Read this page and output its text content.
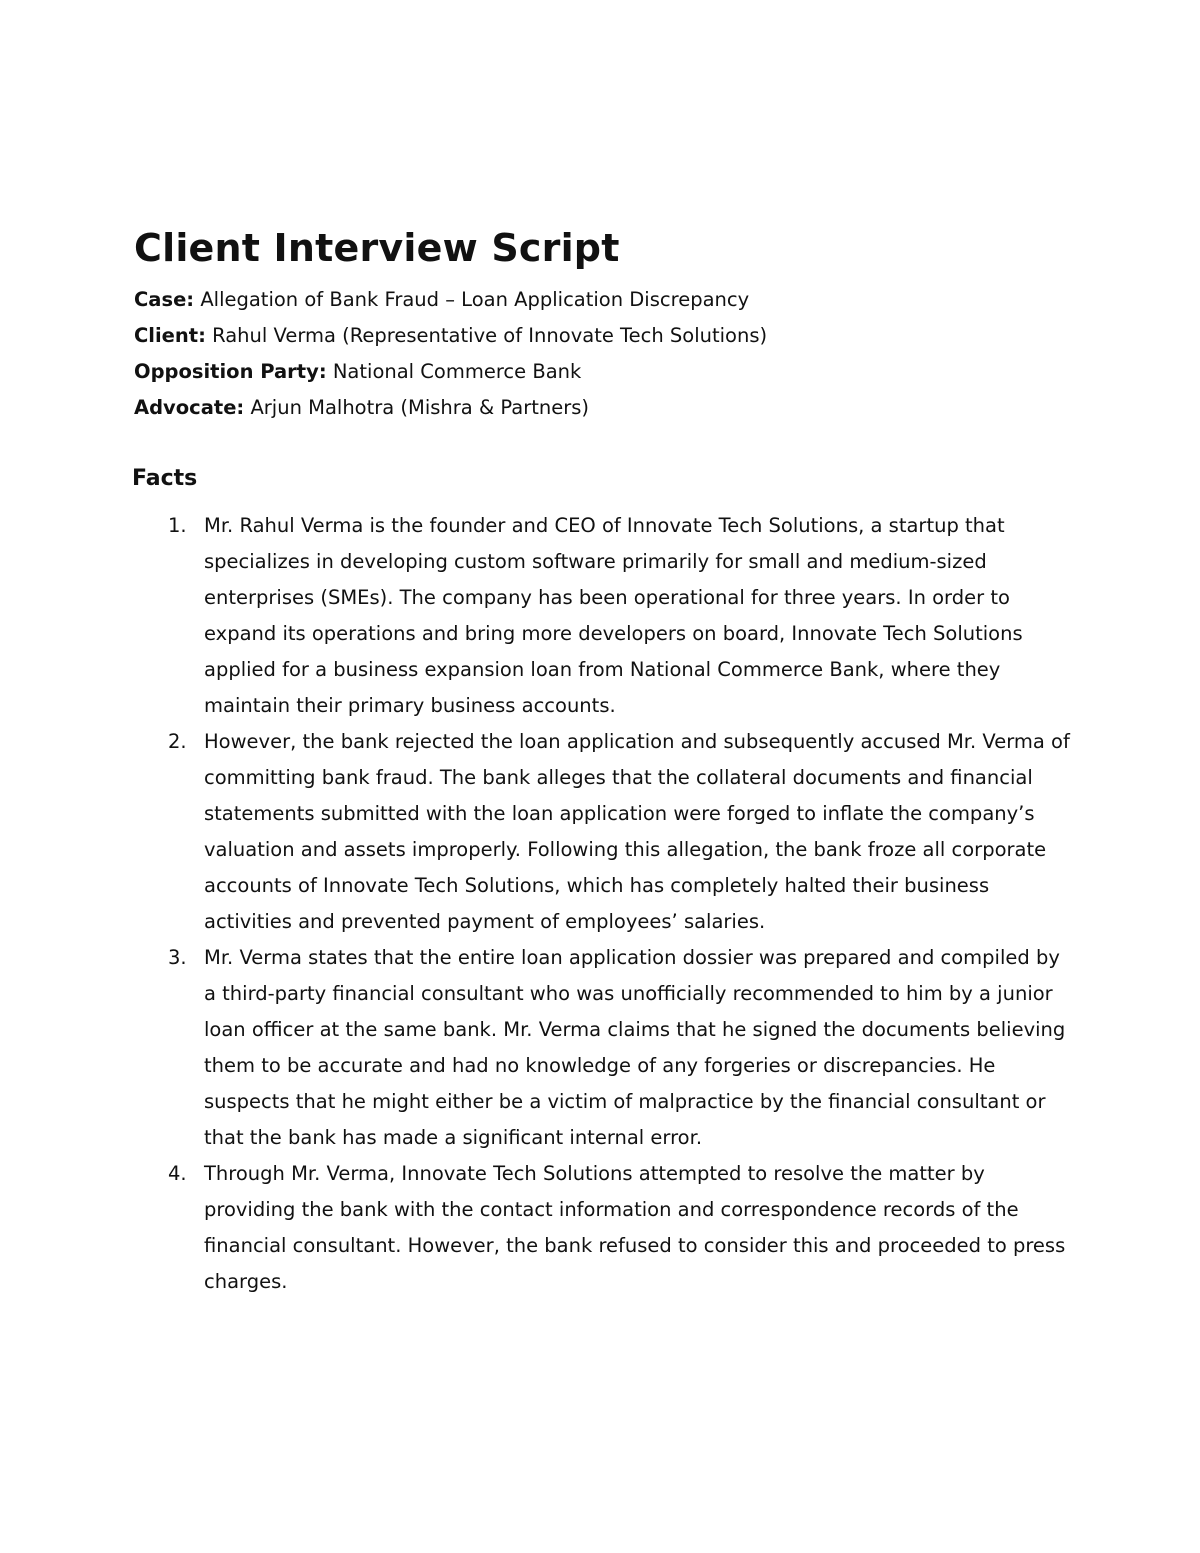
Client Interview Script

Case: Allegation of Bank Fraud – Loan Application Discrepancy

Client: Rahul Verma (Representative of Innovate Tech Solutions)

Opposition Party: National Commerce Bank

Advocate: Arjun Malhotra (Mishra & Partners)

Facts
1. Mr. Rahul Verma is the founder and CEO of Innovate Tech Solutions, a startup that specializes in developing custom software primarily for small and medium-sized enterprises (SMEs). The company has been operational for three years. In order to expand its operations and bring more developers on board, Innovate Tech Solutions applied for a business expansion loan from National Commerce Bank, where they maintain their primary business accounts.
2. However, the bank rejected the loan application and subsequently accused Mr. Verma of committing bank fraud. The bank alleges that the collateral documents and financial statements submitted with the loan application were forged to inflate the company’s valuation and assets improperly. Following this allegation, the bank froze all corporate accounts of Innovate Tech Solutions, which has completely halted their business activities and prevented payment of employees’ salaries.
3. Mr. Verma states that the entire loan application dossier was prepared and compiled by a third-party financial consultant who was unofficially recommended to him by a junior loan officer at the same bank. Mr. Verma claims that he signed the documents believing them to be accurate and had no knowledge of any forgeries or discrepancies. He suspects that he might either be a victim of malpractice by the financial consultant or that the bank has made a significant internal error.
4. Through Mr. Verma, Innovate Tech Solutions attempted to resolve the matter by providing the bank with the contact information and correspondence records of the financial consultant. However, the bank refused to consider this and proceeded to press charges.
